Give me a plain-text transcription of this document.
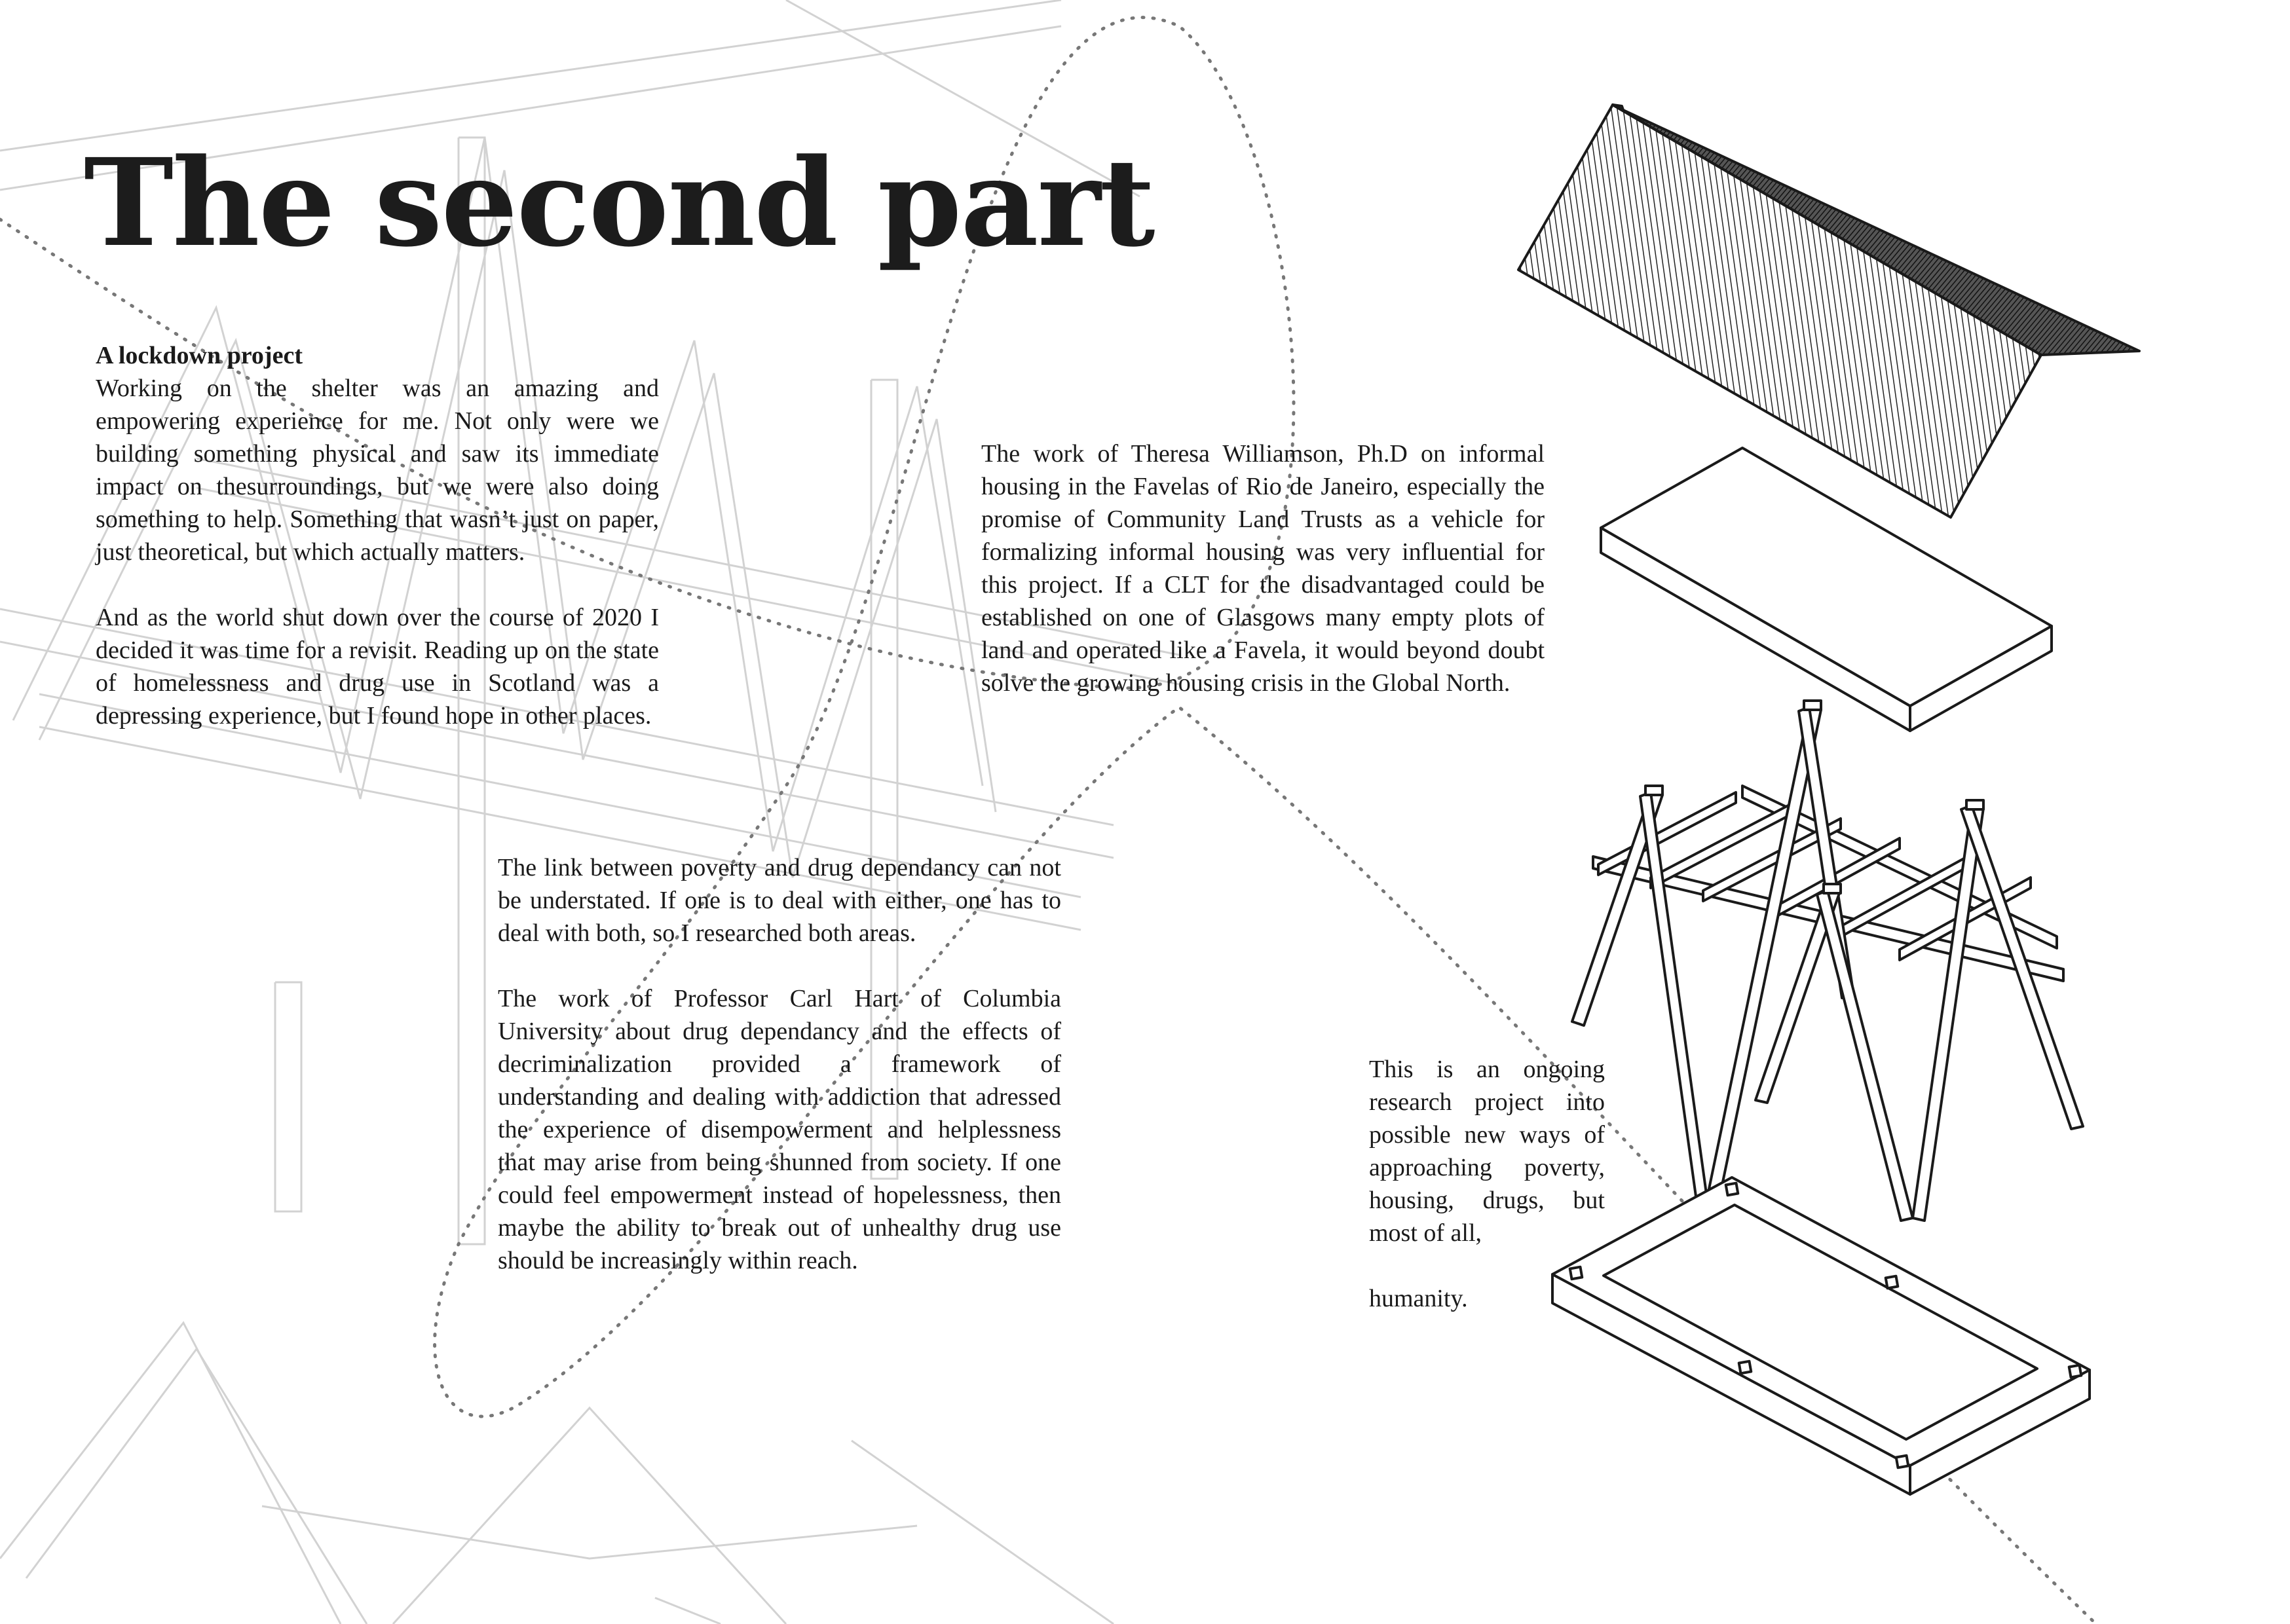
The second part

A lockdown project
Working on the shelter was an amazing and empowering experience for me. Not only were we building something physical and saw its immediate impact on thesurroundings, but we were also doing something to help. Something that wasn’t just on paper, just theoretical, but which actually matters.

And as the world shut down over the course of 2020 I decided it was time for a revisit. Reading up on the state of homelessness and drug use in Scotland was a depressing experience, but I found hope in other places.

The work of Theresa Williamson, Ph.D on informal housing in the Favelas of Rio de Janeiro, especially the promise of Community Land Trusts as a vehicle for formalizing informal housing was very influential for this project. If a CLT for the disadvantaged could be established on one of Glasgows many empty plots of land and operated like a Favela, it would beyond doubt solve the growing housing crisis in the Global North.

The link between poverty and drug dependancy can not be understated. If one is to deal with either, one has to deal with both, so I researched both areas.

The work of Professor Carl Hart of Columbia University about drug dependancy and the effects of decriminalization provided a framework of understanding and dealing with addiction that adressed the experience of disempowerment and helplessness that may arise from being shunned from society. If one could feel empowerment instead of hopelessness, then maybe the ability to break out of unhealthy drug use should be increasingly within reach.

This is an ongoing research project into possible new ways of approaching poverty, housing, drugs, but most of all,

humanity.
